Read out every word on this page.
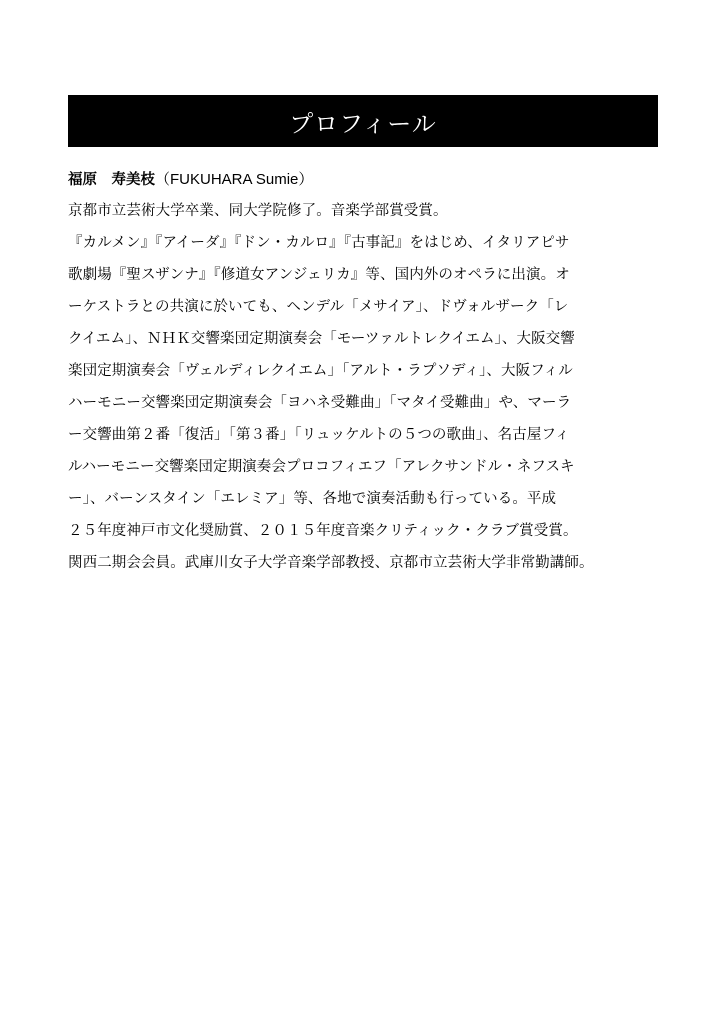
プロフィール
福原　寿美枝（FUKUHARA Sumie）
京都市立芸術大学卒業、同大学院修了。音楽学部賞受賞。
『カルメン』『アイーダ』『ドン・カルロ』『古事記』をはじめ、イタリアピサ
歌劇場『聖スザンナ』『修道女アンジェリカ』等、国内外のオペラに出演。オ
ーケストラとの共演に於いても、ヘンデル「メサイア」、ドヴォルザーク「レ
クイエム」、ＮＨＫ交響楽団定期演奏会「モーツァルトレクイエム」、大阪交響
楽団定期演奏会「ヴェルディレクイエム」「アルト・ラプソディ」、大阪フィル
ハーモニー交響楽団定期演奏会「ヨハネ受難曲」「マタイ受難曲」や、マーラ
ー交響曲第２番「復活」「第３番」「リュッケルトの５つの歌曲」、名古屋フィ
ルハーモニー交響楽団定期演奏会プロコフィエフ「アレクサンドル・ネフスキ
ー」、バーンスタイン「エレミア」等、各地で演奏活動も行っている。平成
２５年度神戸市文化奨励賞、２０１５年度音楽クリティック・クラブ賞受賞。
関西二期会会員。武庫川女子大学音楽学部教授、京都市立芸術大学非常勤講師。
